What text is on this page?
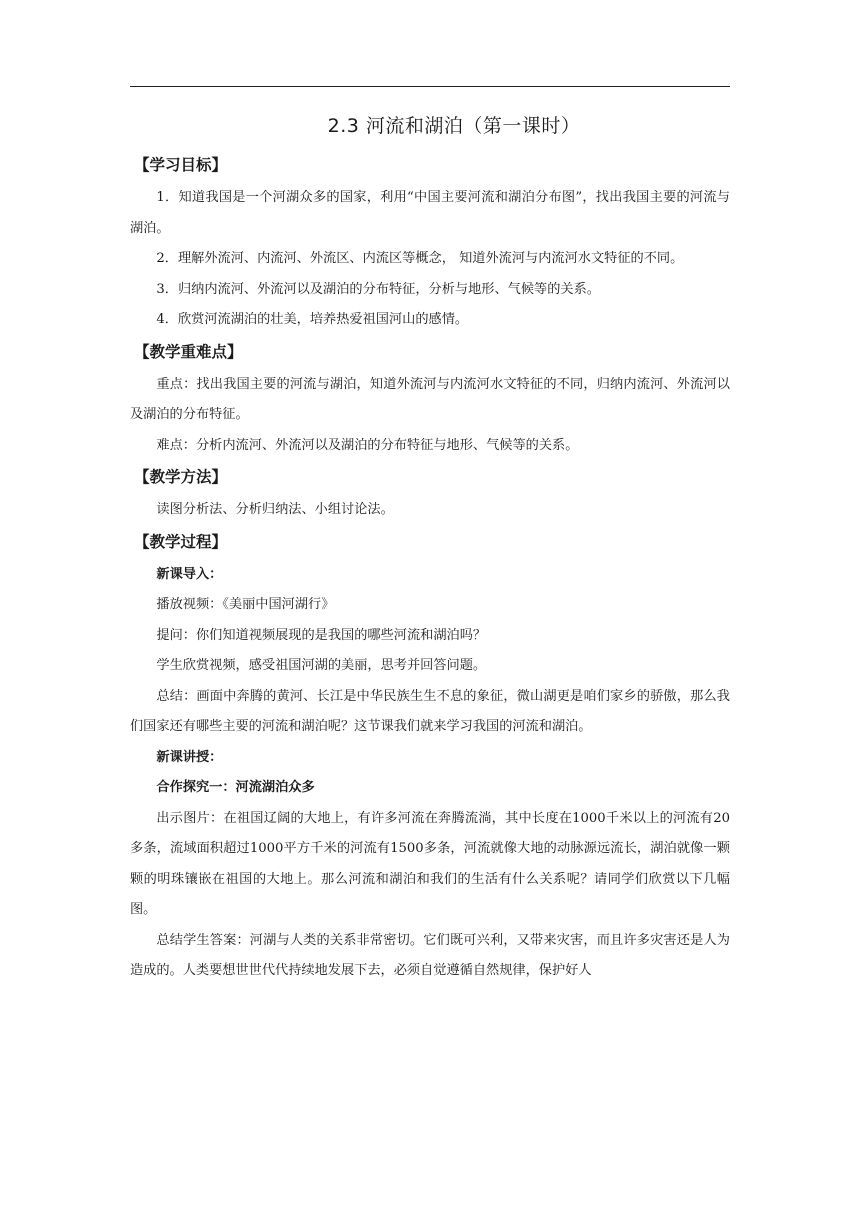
2.3 河流和湖泊（第一课时）
【学习目标】

1．知道我国是一个河湖众多的国家，利用“中国主要河流和湖泊分布图”，找出我国主要的河流与湖泊。

2．理解外流河、内流河、外流区、内流区等概念， 知道外流河与内流河水文特征的不同。

3．归纳内流河、外流河以及湖泊的分布特征，分析与地形、气候等的关系。

4．欣赏河流湖泊的壮美，培养热爱祖国河山的感情。

【教学重难点】

重点：找出我国主要的河流与湖泊，知道外流河与内流河水文特征的不同，归纳内流河、外流河以及湖泊的分布特征。

难点：分析内流河、外流河以及湖泊的分布特征与地形、气候等的关系。

【教学方法】

读图分析法、分析归纳法、小组讨论法。

【教学过程】

新课导入：

播放视频：《美丽中国河湖行》

提问：你们知道视频展现的是我国的哪些河流和湖泊吗？

学生欣赏视频，感受祖国河湖的美丽，思考并回答问题。

总结：画面中奔腾的黄河、长江是中华民族生生不息的象征，微山湖更是咱们家乡的骄傲，那么我们国家还有哪些主要的河流和湖泊呢？这节课我们就来学习我国的河流和湖泊。

新课讲授：

合作探究一：河流湖泊众多

出示图片：在祖国辽阔的大地上，有许多河流在奔腾流淌，其中长度在1000千米以上的河流有20多条，流域面积超过1000平方千米的河流有1500多条，河流就像大地的动脉源远流长，湖泊就像一颗颗的明珠镶嵌在祖国的大地上。那么河流和湖泊和我们的生活有什么关系呢？请同学们欣赏以下几幅图。

总结学生答案：河湖与人类的关系非常密切。它们既可兴利，又带来灾害，而且许多灾害还是人为造成的。人类要想世世代代持续地发展下去，必须自觉遵循自然规律，保护好人
